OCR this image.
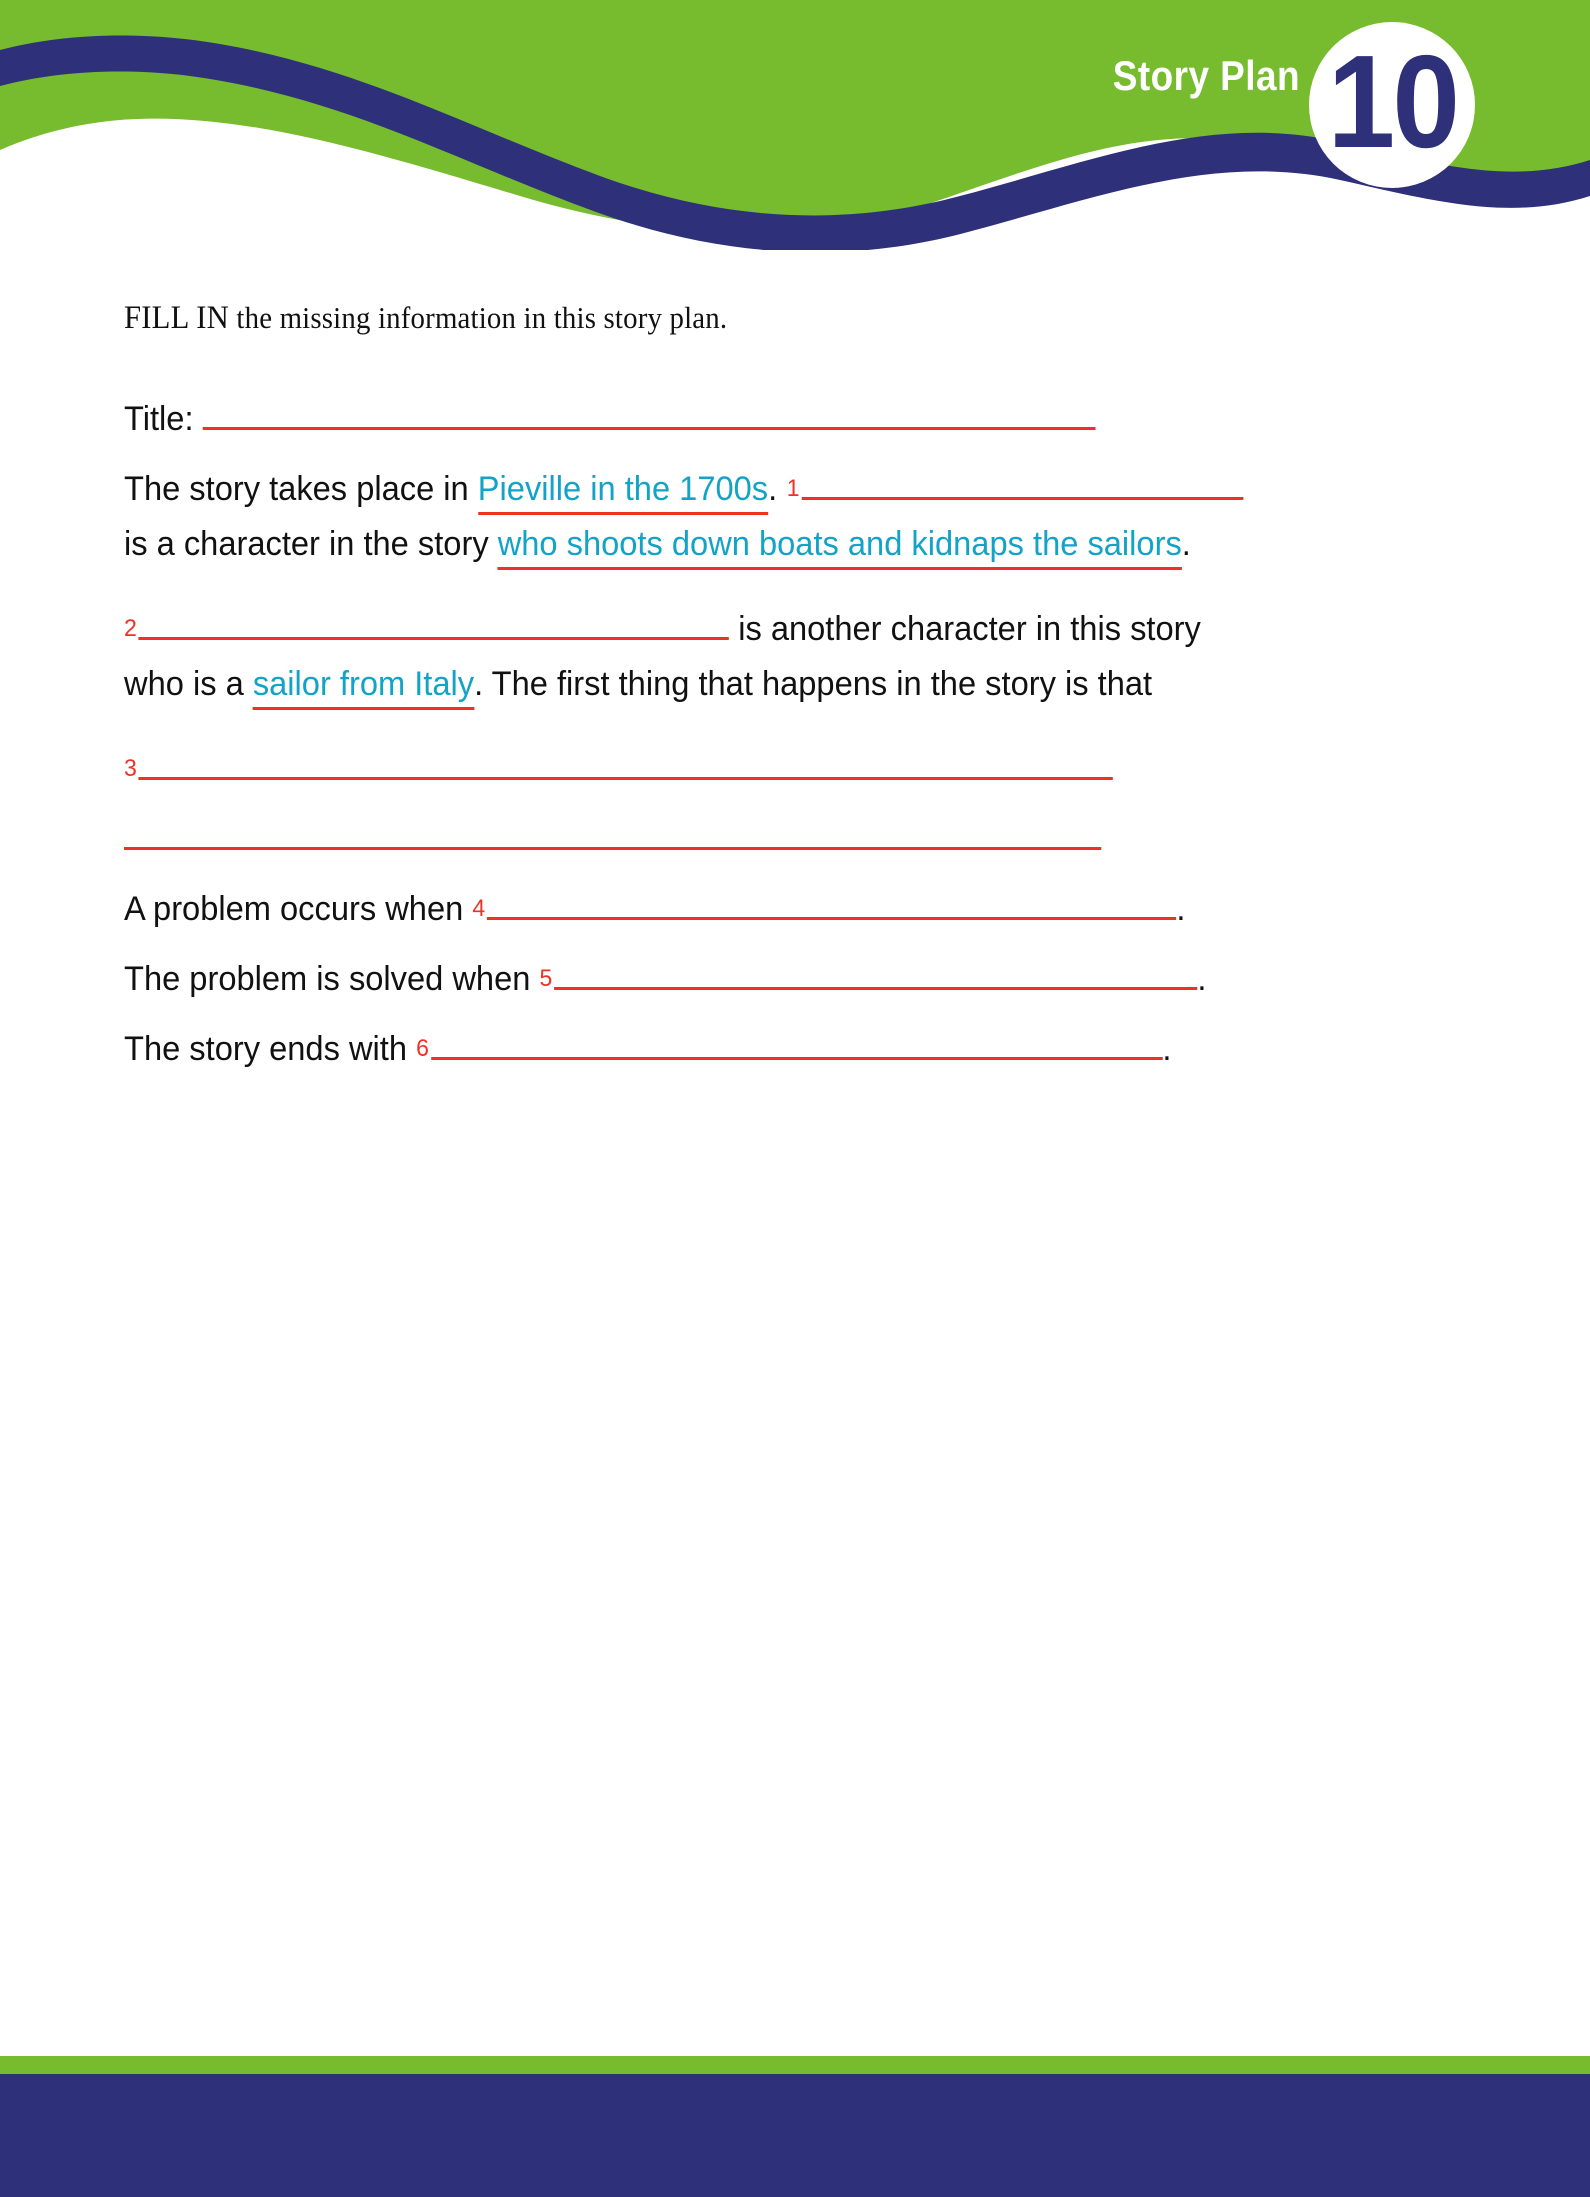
Story Plan 10

FILL IN the missing information in this story plan.

Title:
The story takes place in Pieville in the 1700s . 1
is a character in the story who shoots down boats and kidnaps the sailors .
2	is another character in this story
who is a sailor from Italy . The first thing that happens in the story is that
3
A problem occurs when 4	.
The problem is solved when 5	.
The story ends with 6	.
